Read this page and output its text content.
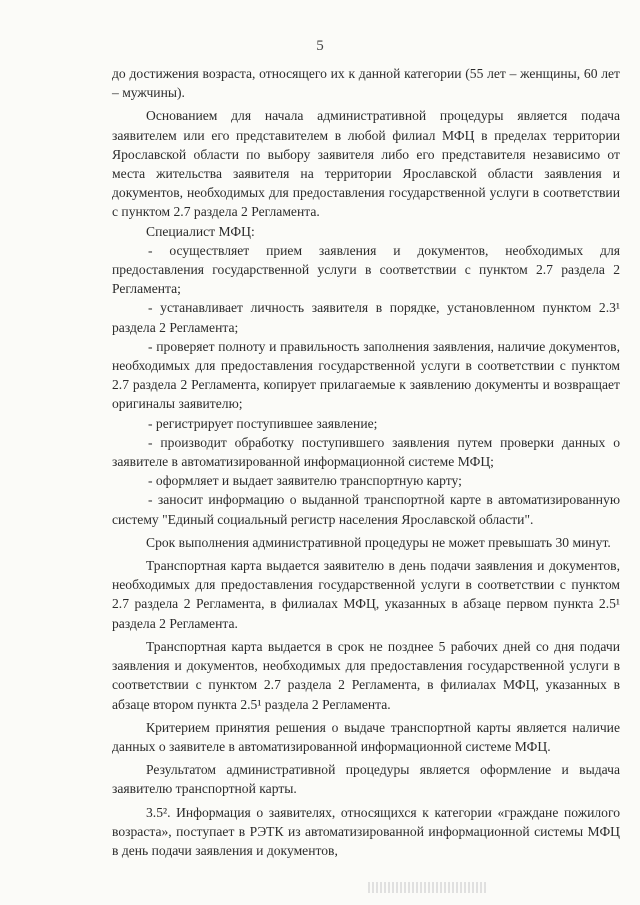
5

до достижения возраста, относящего их к данной категории (55 лет – женщины, 60 лет – мужчины).

Основанием для начала административной процедуры является подача заявителем или его представителем в любой филиал МФЦ в пределах территории Ярославской области по выбору заявителя либо его представителя независимо от места жительства заявителя на территории Ярославской области заявления и документов, необходимых для предоставления государственной услуги в соответствии с пунктом 2.7 раздела 2 Регламента.

Специалист МФЦ:

- осуществляет прием заявления и документов, необходимых для предоставления государственной услуги в соответствии с пунктом 2.7 раздела 2 Регламента;

- устанавливает личность заявителя в порядке, установленном пунктом 2.3¹ раздела 2 Регламента;

- проверяет полноту и правильность заполнения заявления, наличие документов, необходимых для предоставления государственной услуги в соответствии с пунктом 2.7 раздела 2 Регламента, копирует прилагаемые к заявлению документы и возвращает оригиналы заявителю;

- регистрирует поступившее заявление;

- производит обработку поступившего заявления путем проверки данных о заявителе в автоматизированной информационной системе МФЦ;

- оформляет и выдает заявителю транспортную карту;

- заносит информацию о выданной транспортной карте в автоматизированную систему "Единый социальный регистр населения Ярославской области".

Срок выполнения административной процедуры не может превышать 30 минут.

Транспортная карта выдается заявителю в день подачи заявления и документов, необходимых для предоставления государственной услуги в соответствии с пунктом 2.7 раздела 2 Регламента, в филиалах МФЦ, указанных в абзаце первом пункта 2.5¹ раздела 2 Регламента.

Транспортная карта выдается в срок не позднее 5 рабочих дней со дня подачи заявления и документов, необходимых для предоставления государственной услуги в соответствии с пунктом 2.7 раздела 2 Регламента, в филиалах МФЦ, указанных в абзаце втором пункта 2.5¹ раздела 2 Регламента.

Критерием принятия решения о выдаче транспортной карты является наличие данных о заявителе в автоматизированной информационной системе МФЦ.

Результатом административной процедуры является оформление и выдача заявителю транспортной карты.

3.5². Информация о заявителях, относящихся к категории «граждане пожилого возраста», поступает в РЭТК из автоматизированной информационной системы МФЦ в день подачи заявления и документов,
